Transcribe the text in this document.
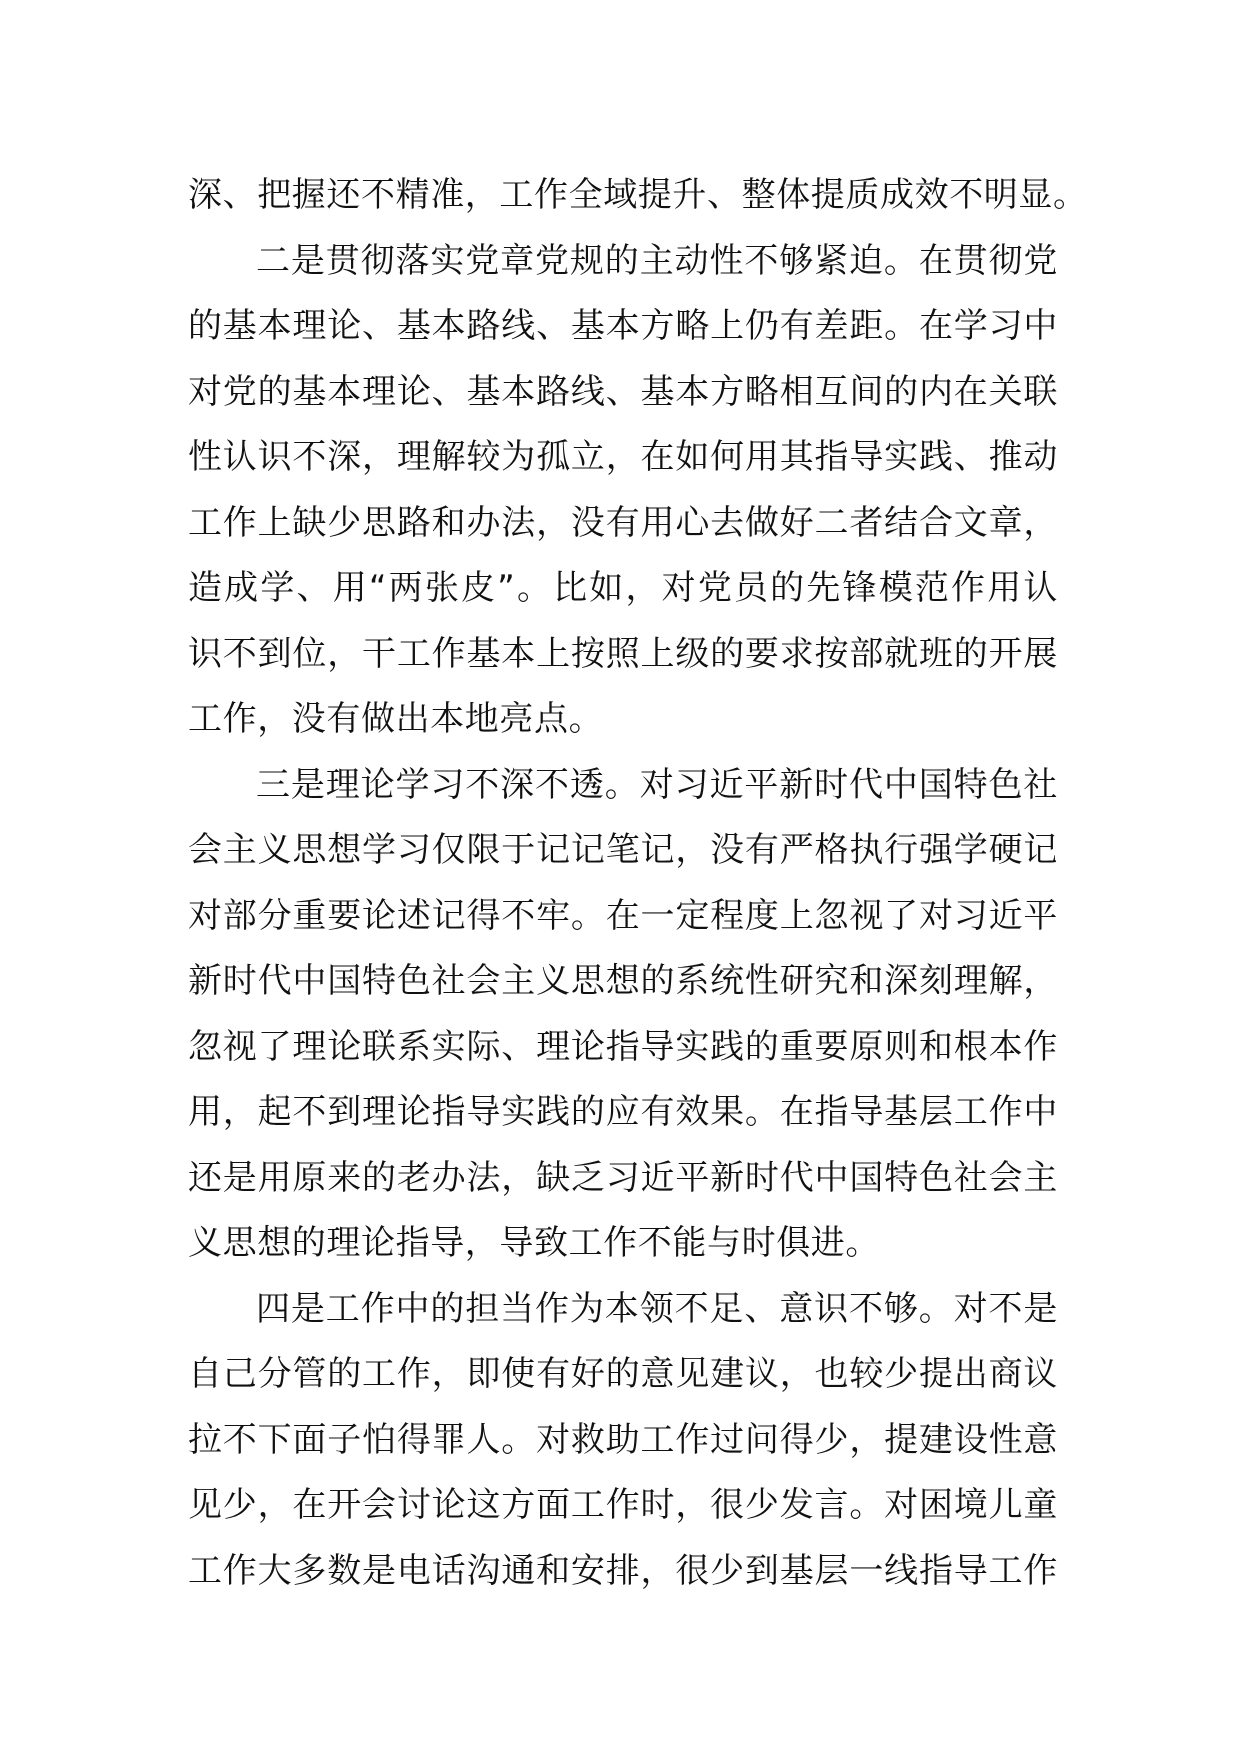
深、把握还不精准，工作全域提升、整体提质成效不明显。
二是贯彻落实党章党规的主动性不够紧迫。在贯彻党
的基本理论、基本路线、基本方略上仍有差距。在学习中
对党的基本理论、基本路线、基本方略相互间的内在关联
性认识不深，理解较为孤立，在如何用其指导实践、推动
工作上缺少思路和办法，没有用心去做好二者结合文章，
造成学、用“两张皮”。比如，对党员的先锋模范作用认
识不到位，干工作基本上按照上级的要求按部就班的开展
工作，没有做出本地亮点。
三是理论学习不深不透。对习近平新时代中国特色社
会主义思想学习仅限于记记笔记，没有严格执行强学硬记
对部分重要论述记得不牢。在一定程度上忽视了对习近平
新时代中国特色社会主义思想的系统性研究和深刻理解，
忽视了理论联系实际、理论指导实践的重要原则和根本作
用，起不到理论指导实践的应有效果。在指导基层工作中
还是用原来的老办法，缺乏习近平新时代中国特色社会主
义思想的理论指导，导致工作不能与时俱进。
四是工作中的担当作为本领不足、意识不够。对不是
自己分管的工作，即使有好的意见建议，也较少提出商议
拉不下面子怕得罪人。对救助工作过问得少，提建设性意
见少，在开会讨论这方面工作时，很少发言。对困境儿童
工作大多数是电话沟通和安排，很少到基层一线指导工作
